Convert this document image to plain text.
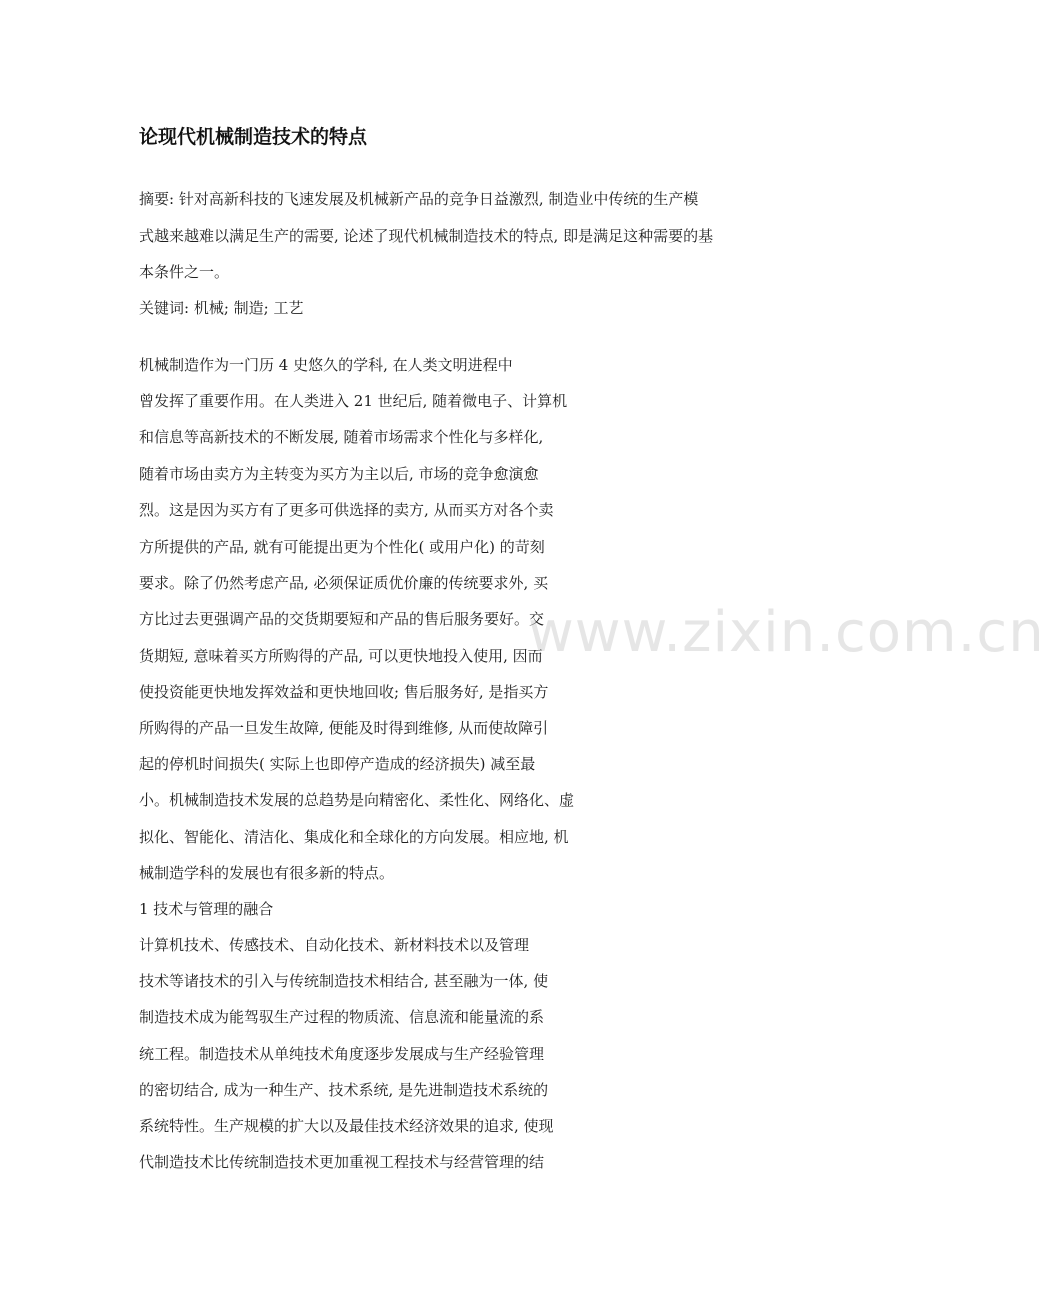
论现代机械制造技术的特点
摘要: 针对高新科技的飞速发展及机械新产品的竞争日益激烈, 制造业中传统的生产模
式越来越难以满足生产的需要, 论述了现代机械制造技术的特点, 即是满足这种需要的基
本条件之一。
关键词: 机械; 制造; 工艺
机械制造作为一门历 4 史悠久的学科, 在人类文明进程中
曾发挥了重要作用。在人类进入 21 世纪后, 随着微电子、计算机
和信息等高新技术的不断发展, 随着市场需求个性化与多样化,
随着市场由卖方为主转变为买方为主以后, 市场的竞争愈演愈
烈。这是因为买方有了更多可供选择的卖方, 从而买方对各个卖
方所提供的产品, 就有可能提出更为个性化( 或用户化) 的苛刻
要求。除了仍然考虑产品, 必须保证质优价廉的传统要求外, 买
方比过去更强调产品的交货期要短和产品的售后服务要好。交
货期短, 意味着买方所购得的产品, 可以更快地投入使用, 因而
使投资能更快地发挥效益和更快地回收; 售后服务好, 是指买方
所购得的产品一旦发生故障, 便能及时得到维修, 从而使故障引
起的停机时间损失( 实际上也即停产造成的经济损失) 减至最
小。机械制造技术发展的总趋势是向精密化、柔性化、网络化、虚
拟化、智能化、清洁化、集成化和全球化的方向发展。相应地, 机
械制造学科的发展也有很多新的特点。
1 技术与管理的融合
计算机技术、传感技术、自动化技术、新材料技术以及管理
技术等诸技术的引入与传统制造技术相结合, 甚至融为一体, 使
制造技术成为能驾驭生产过程的物质流、信息流和能量流的系
统工程。制造技术从单纯技术角度逐步发展成与生产经验管理
的密切结合, 成为一种生产、技术系统, 是先进制造技术系统的
系统特性。生产规模的扩大以及最佳技术经济效果的追求, 使现
代制造技术比传统制造技术更加重视工程技术与经营管理的结
www.zixin.com.cn
